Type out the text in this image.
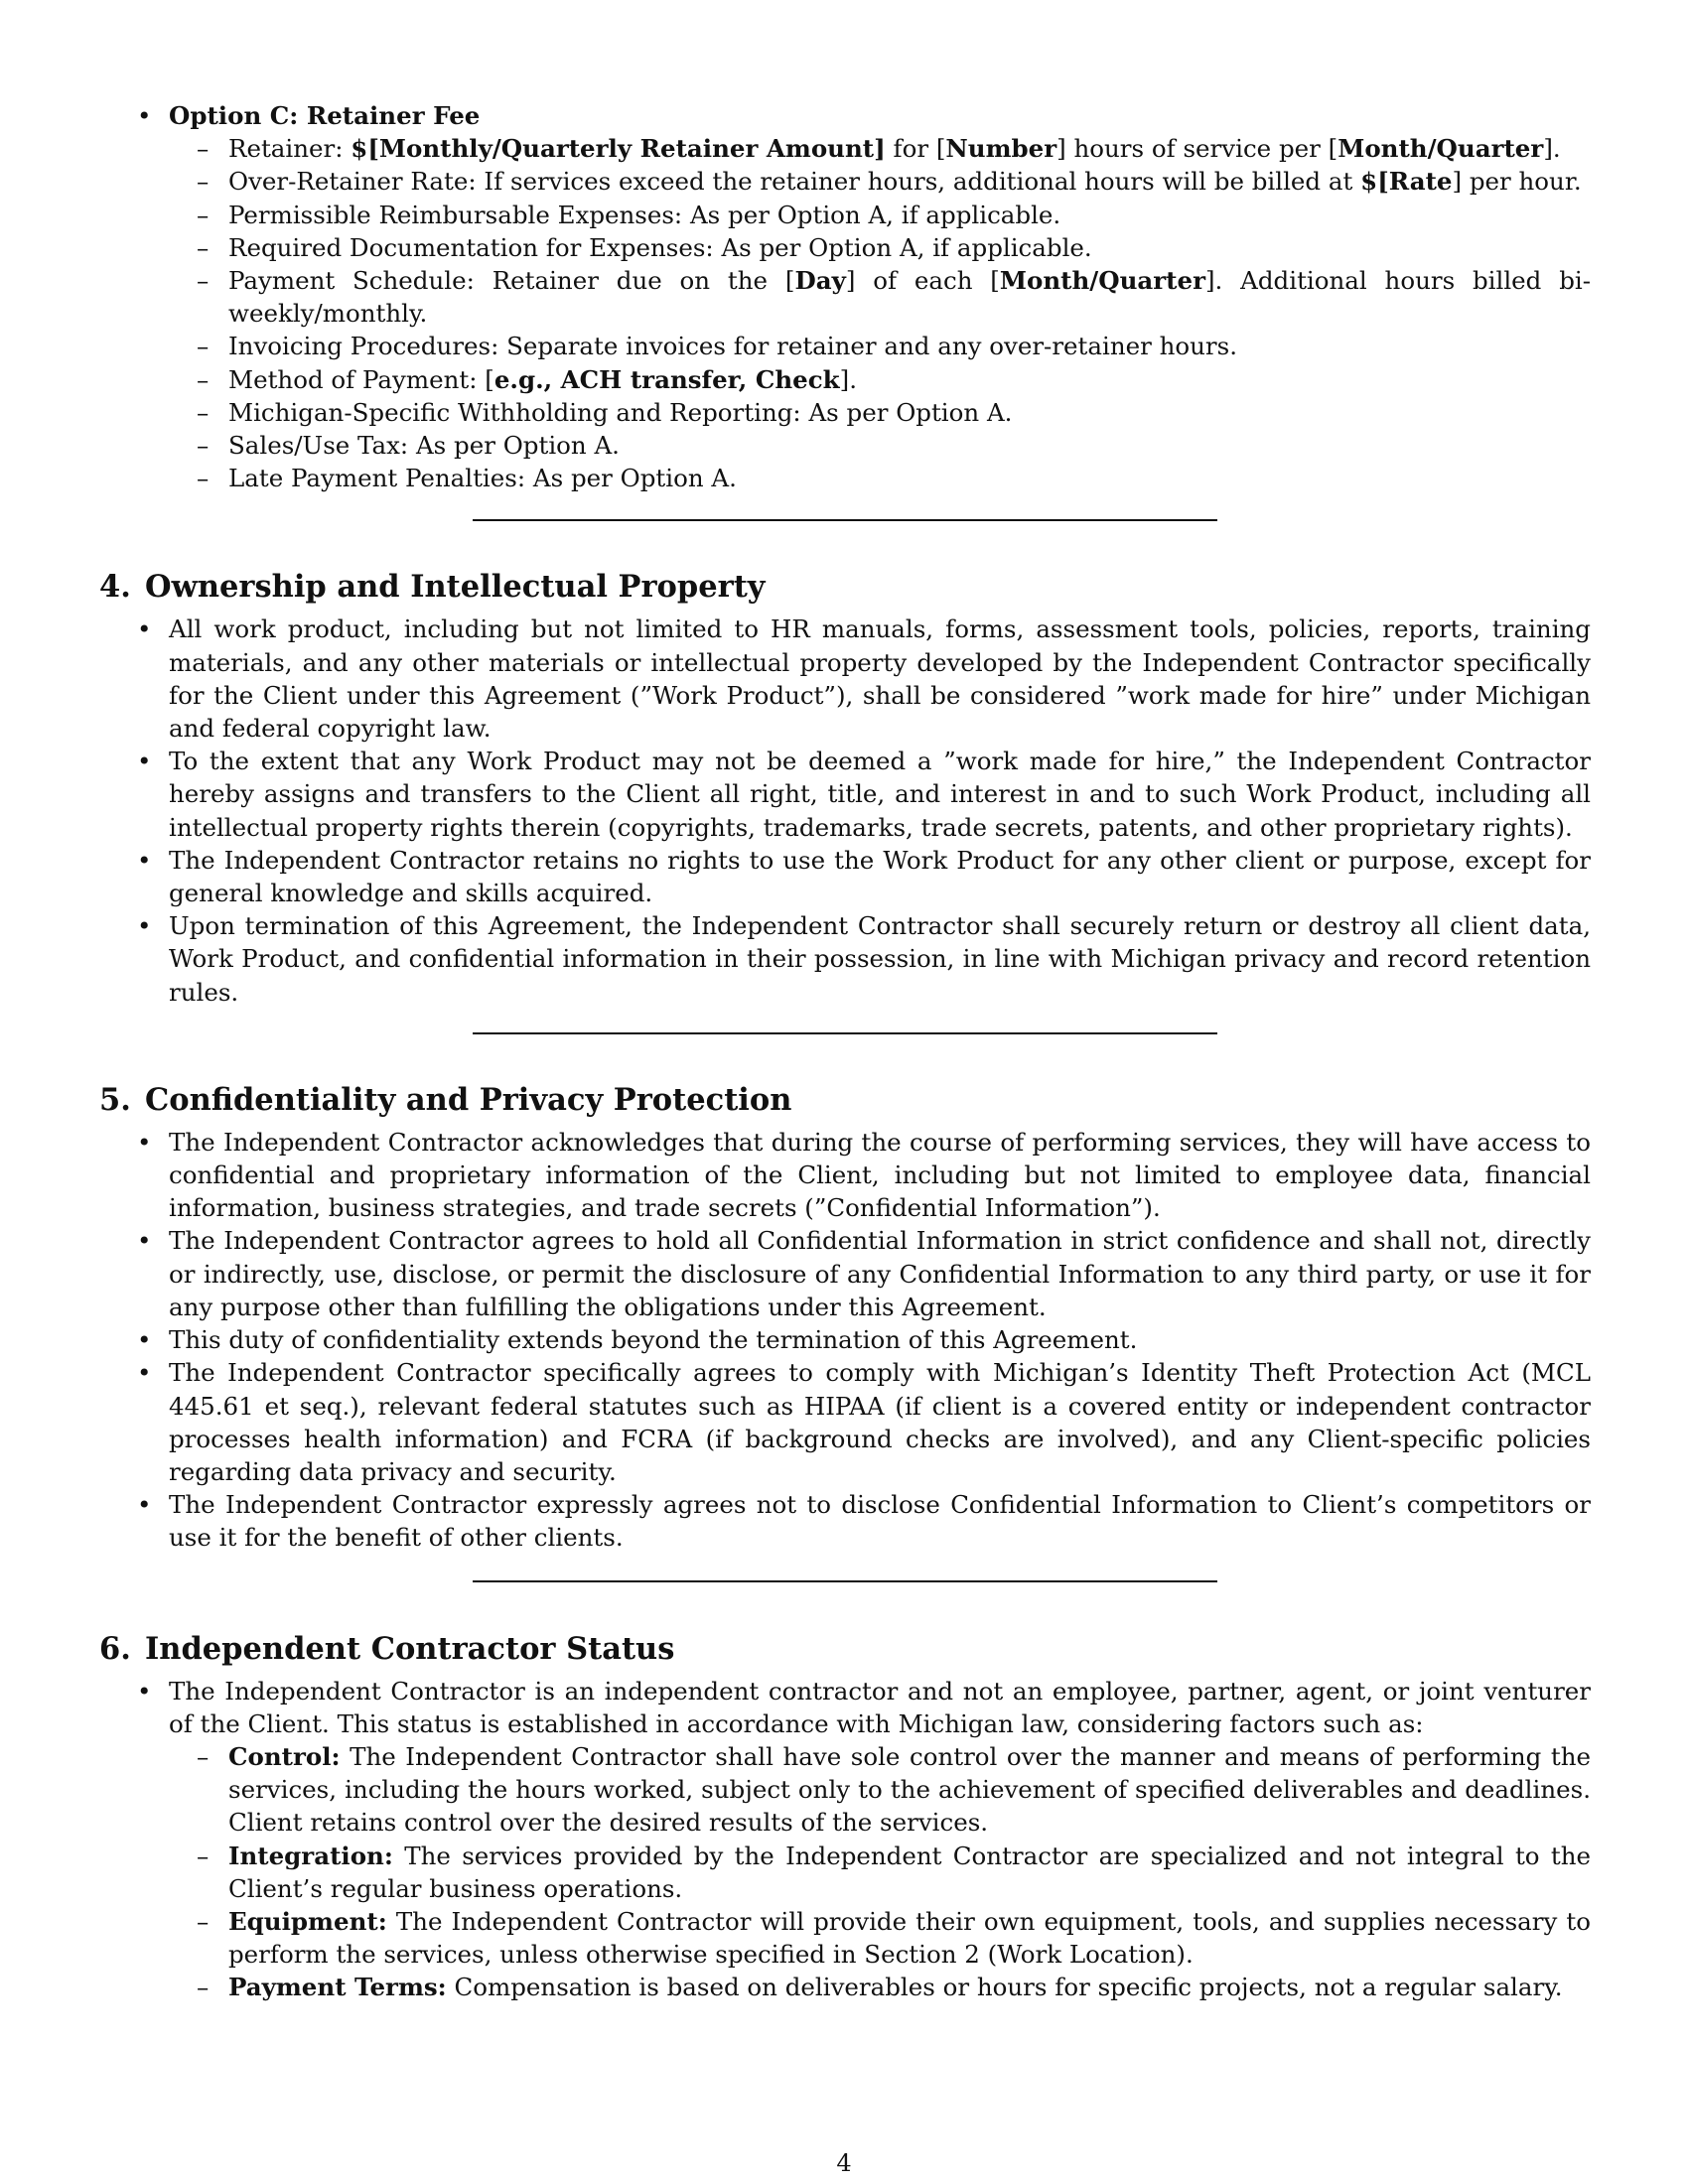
• Option C: Retainer Fee
– Retainer: $[Monthly/Quarterly Retainer Amount] for [Number] hours of service per [Month/Quarter].
– Over-Retainer Rate: If services exceed the retainer hours, additional hours will be billed at $[Rate] per hour.
– Permissible Reimbursable Expenses: As per Option A, if applicable.
– Required Documentation for Expenses: As per Option A, if applicable.
– Payment Schedule: Retainer due on the [Day] of each [Month/Quarter]. Additional hours billed bi-weekly/monthly.
– Invoicing Procedures: Separate invoices for retainer and any over-retainer hours.
– Method of Payment: [e.g., ACH transfer, Check].
– Michigan-Specific Withholding and Reporting: As per Option A.
– Sales/Use Tax: As per Option A.
– Late Payment Penalties: As per Option A.
4. Ownership and Intellectual Property
• All work product, including but not limited to HR manuals, forms, assessment tools, policies, reports, training materials, and any other materials or intellectual property developed by the Independent Contractor specifically for the Client under this Agreement (”Work Product”), shall be considered ”work made for hire” under Michigan and federal copyright law.
• To the extent that any Work Product may not be deemed a ”work made for hire,” the Independent Contractor hereby assigns and transfers to the Client all right, title, and interest in and to such Work Product, including all intellectual property rights therein (copyrights, trademarks, trade secrets, patents, and other proprietary rights).
• The Independent Contractor retains no rights to use the Work Product for any other client or purpose, except for general knowledge and skills acquired.
• Upon termination of this Agreement, the Independent Contractor shall securely return or destroy all client data, Work Product, and confidential information in their possession, in line with Michigan privacy and record retention rules.
5. Confidentiality and Privacy Protection
• The Independent Contractor acknowledges that during the course of performing services, they will have access to confidential and proprietary information of the Client, including but not limited to employee data, financial information, business strategies, and trade secrets (”Confidential Information”).
• The Independent Contractor agrees to hold all Confidential Information in strict confidence and shall not, directly or indirectly, use, disclose, or permit the disclosure of any Confidential Information to any third party, or use it for any purpose other than fulfilling the obligations under this Agreement.
• This duty of confidentiality extends beyond the termination of this Agreement.
• The Independent Contractor specifically agrees to comply with Michigan’s Identity Theft Protection Act (MCL 445.61 et seq.), relevant federal statutes such as HIPAA (if client is a covered entity or independent contractor processes health information) and FCRA (if background checks are involved), and any Client-specific policies regarding data privacy and security.
• The Independent Contractor expressly agrees not to disclose Confidential Information to Client’s competitors or use it for the benefit of other clients.
6. Independent Contractor Status
• The Independent Contractor is an independent contractor and not an employee, partner, agent, or joint venturer of the Client. This status is established in accordance with Michigan law, considering factors such as:
– Control: The Independent Contractor shall have sole control over the manner and means of performing the services, including the hours worked, subject only to the achievement of specified deliverables and deadlines. Client retains control over the desired results of the services.
– Integration: The services provided by the Independent Contractor are specialized and not integral to the Client’s regular business operations.
– Equipment: The Independent Contractor will provide their own equipment, tools, and supplies necessary to perform the services, unless otherwise specified in Section 2 (Work Location).
– Payment Terms: Compensation is based on deliverables or hours for specific projects, not a regular salary.
4
